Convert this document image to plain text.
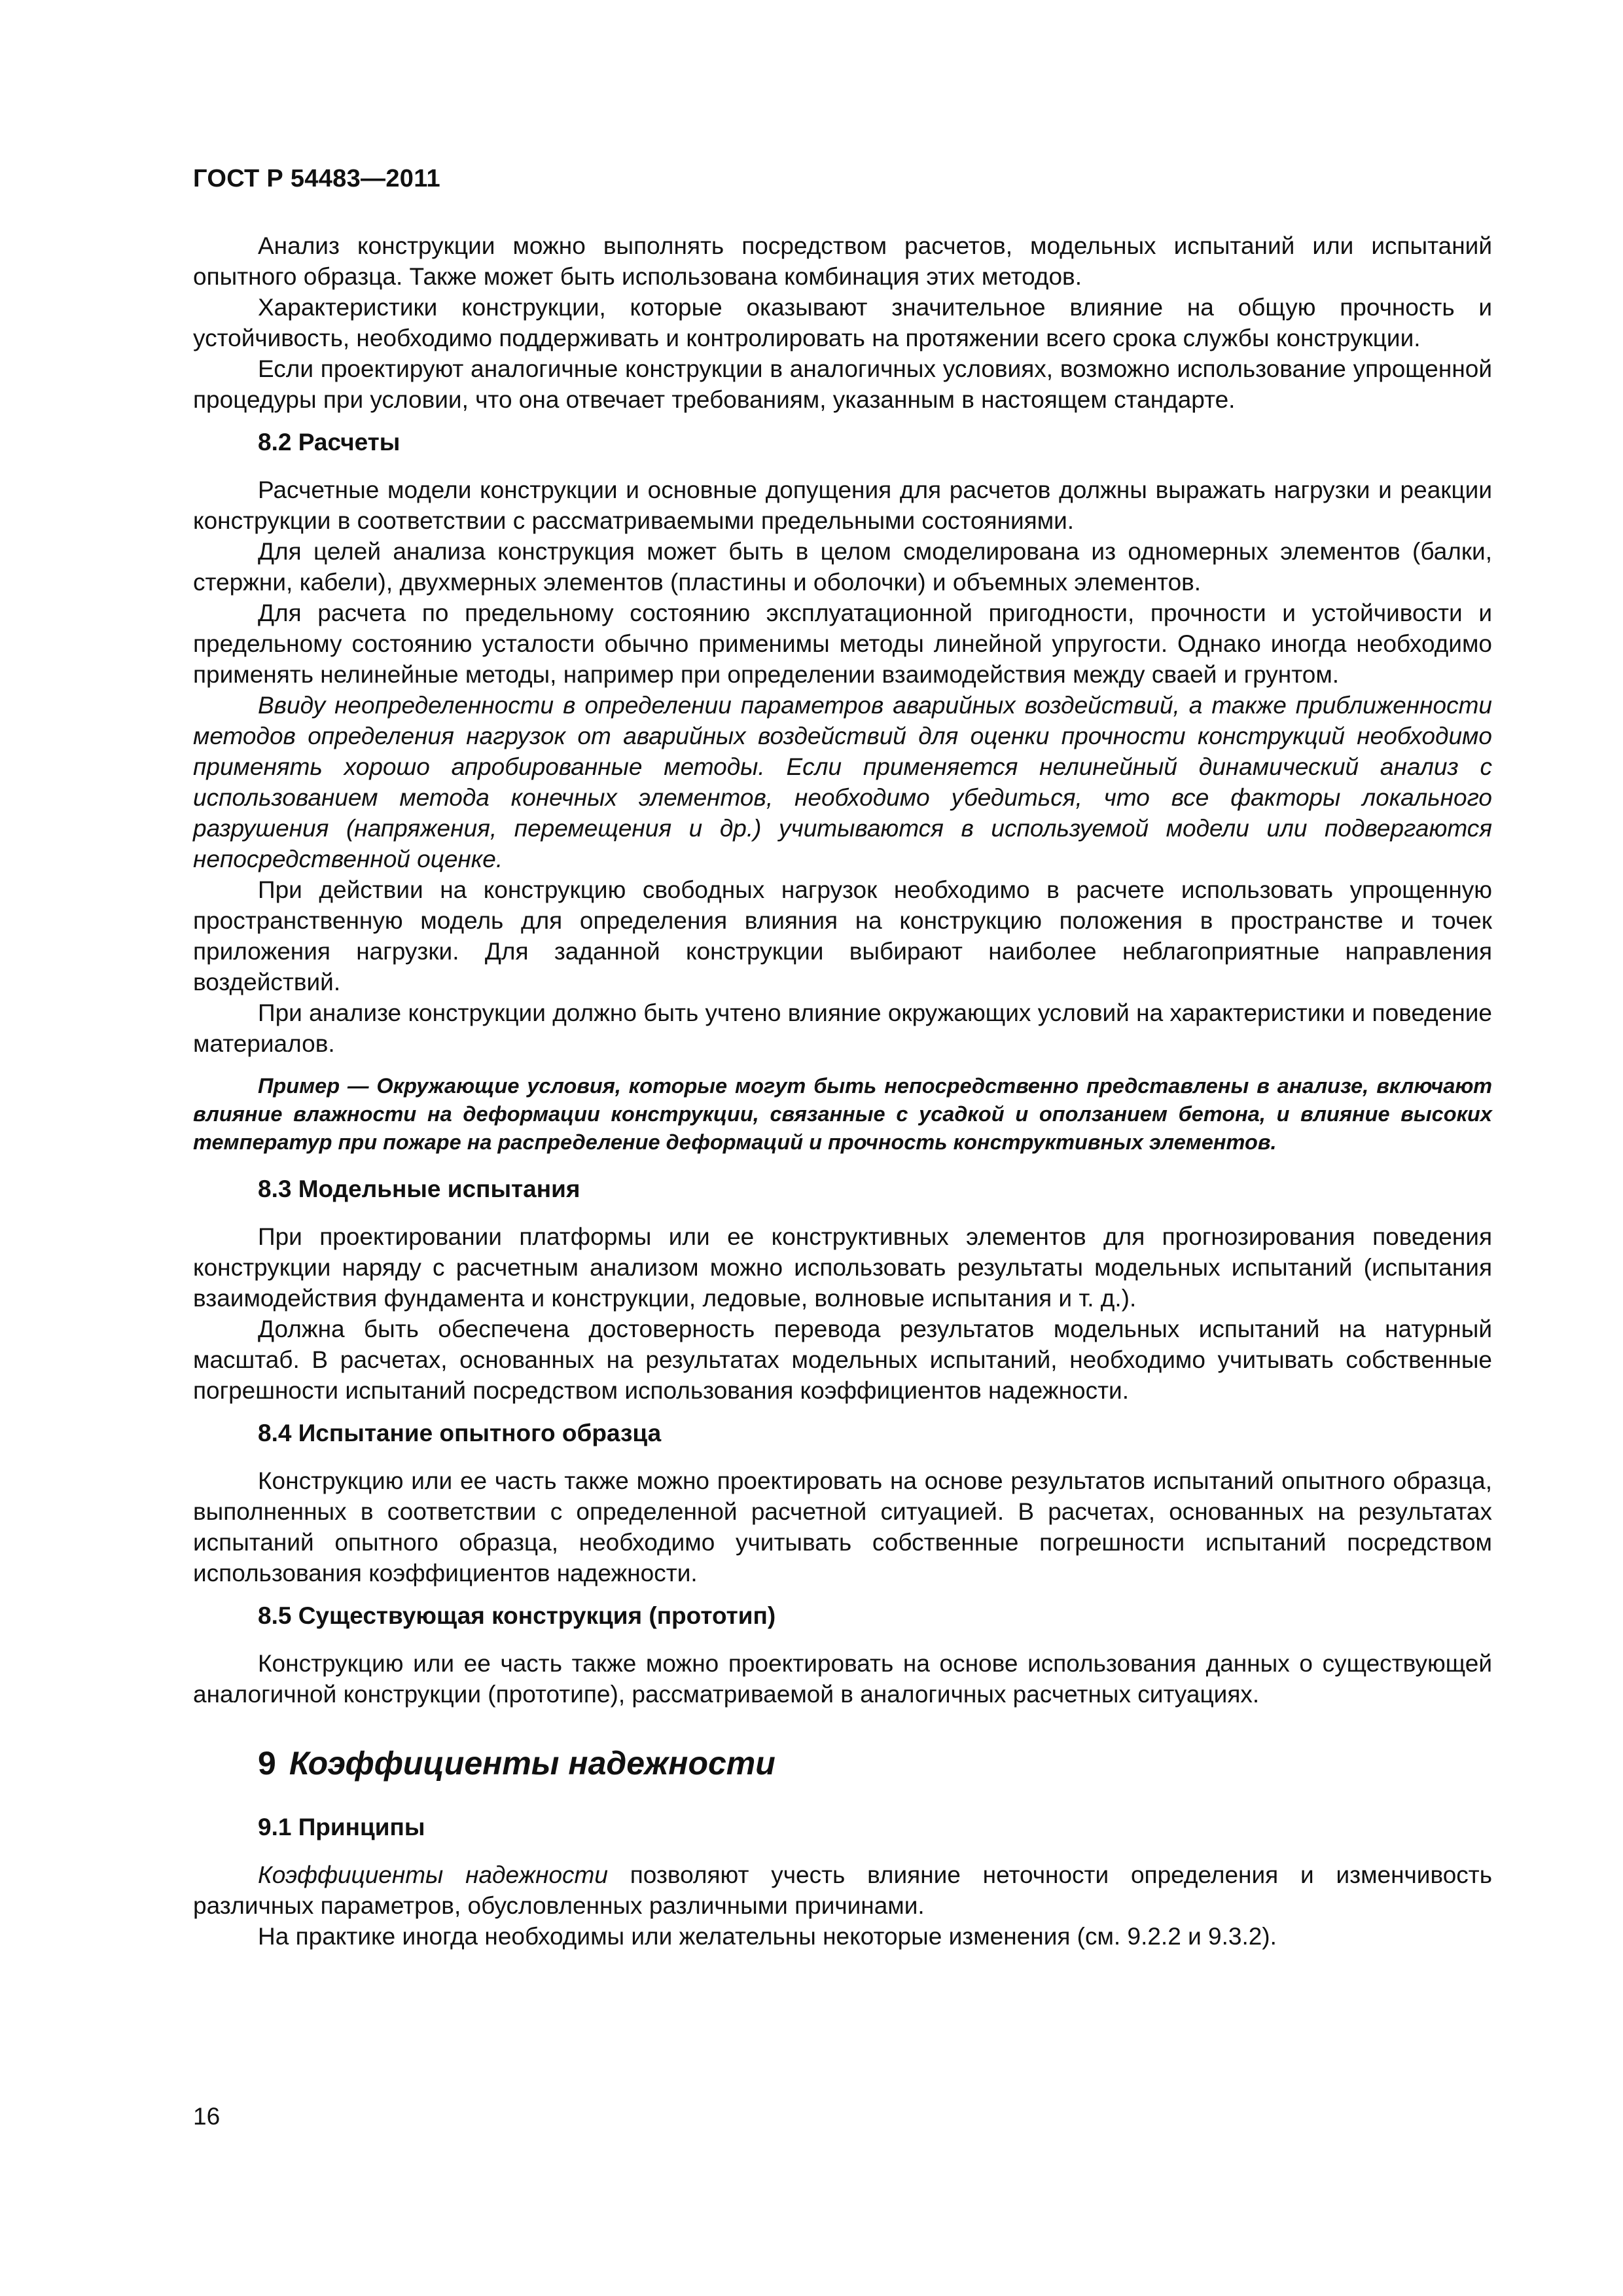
ГОСТ Р 54483—2011

Анализ конструкции можно выполнять посредством расчетов, модельных испытаний или испытаний опытного образца. Также может быть использована комбинация этих методов.

Характеристики конструкции, которые оказывают значительное влияние на общую прочность и устойчивость, необходимо поддерживать и контролировать на протяжении всего срока службы конструкции.

Если проектируют аналогичные конструкции в аналогичных условиях, возможно использование упрощенной процедуры при условии, что она отвечает требованиям, указанным в настоящем стандарте.

8.2 Расчеты

Расчетные модели конструкции и основные допущения для расчетов должны выражать нагрузки и реакции конструкции в соответствии с рассматриваемыми предельными состояниями.

Для целей анализа конструкция может быть в целом смоделирована из одномерных элементов (балки, стержни, кабели), двухмерных элементов (пластины и оболочки) и объемных элементов.

Для расчета по предельному состоянию эксплуатационной пригодности, прочности и устойчивости и предельному состоянию усталости обычно применимы методы линейной упругости. Однако иногда необходимо применять нелинейные методы, например при определении взаимодействия между сваей и грунтом.

Ввиду неопределенности в определении параметров аварийных воздействий, а также приближенности методов определения нагрузок от аварийных воздействий для оценки прочности конструкций необходимо применять хорошо апробированные методы. Если применяется нелинейный динамический анализ с использованием метода конечных элементов, необходимо убедиться, что все факторы локального разрушения (напряжения, перемещения и др.) учитываются в используемой модели или подвергаются непосредственной оценке.

При действии на конструкцию свободных нагрузок необходимо в расчете использовать упрощенную пространственную модель для определения влияния на конструкцию положения в пространстве и точек приложения нагрузки. Для заданной конструкции выбирают наиболее неблагоприятные направления воздействий.

При анализе конструкции должно быть учтено влияние окружающих условий на характеристики и поведение материалов.

Пример — Окружающие условия, которые могут быть непосредственно представлены в анализе, включают влияние влажности на деформации конструкции, связанные с усадкой и оползанием бетона, и влияние высоких температур при пожаре на распределение деформаций и прочность конструктивных элементов.
8.3 Модельные испытания

При проектировании платформы или ее конструктивных элементов для прогнозирования поведения конструкции наряду с расчетным анализом можно использовать результаты модельных испытаний (испытания взаимодействия фундамента и конструкции, ледовые, волновые испытания и т. д.).

Должна быть обеспечена достоверность перевода результатов модельных испытаний на натурный масштаб. В расчетах, основанных на результатах модельных испытаний, необходимо учитывать собственные погрешности испытаний посредством использования коэффициентов надежности.

8.4 Испытание опытного образца

Конструкцию или ее часть также можно проектировать на основе результатов испытаний опытного образца, выполненных в соответствии с определенной расчетной ситуацией. В расчетах, основанных на результатах испытаний опытного образца, необходимо учитывать собственные погрешности испытаний посредством использования коэффициентов надежности.

8.5 Существующая конструкция (прототип)

Конструкцию или ее часть также можно проектировать на основе использования данных о существующей аналогичной конструкции (прототипе), рассматриваемой в аналогичных расчетных ситуациях.

9 Коэффициенты надежности
9.1 Принципы

Коэффициенты надежности позволяют учесть влияние неточности определения и изменчивость различных параметров, обусловленных различными причинами.

На практике иногда необходимы или желательны некоторые изменения (см. 9.2.2 и 9.3.2).

16
